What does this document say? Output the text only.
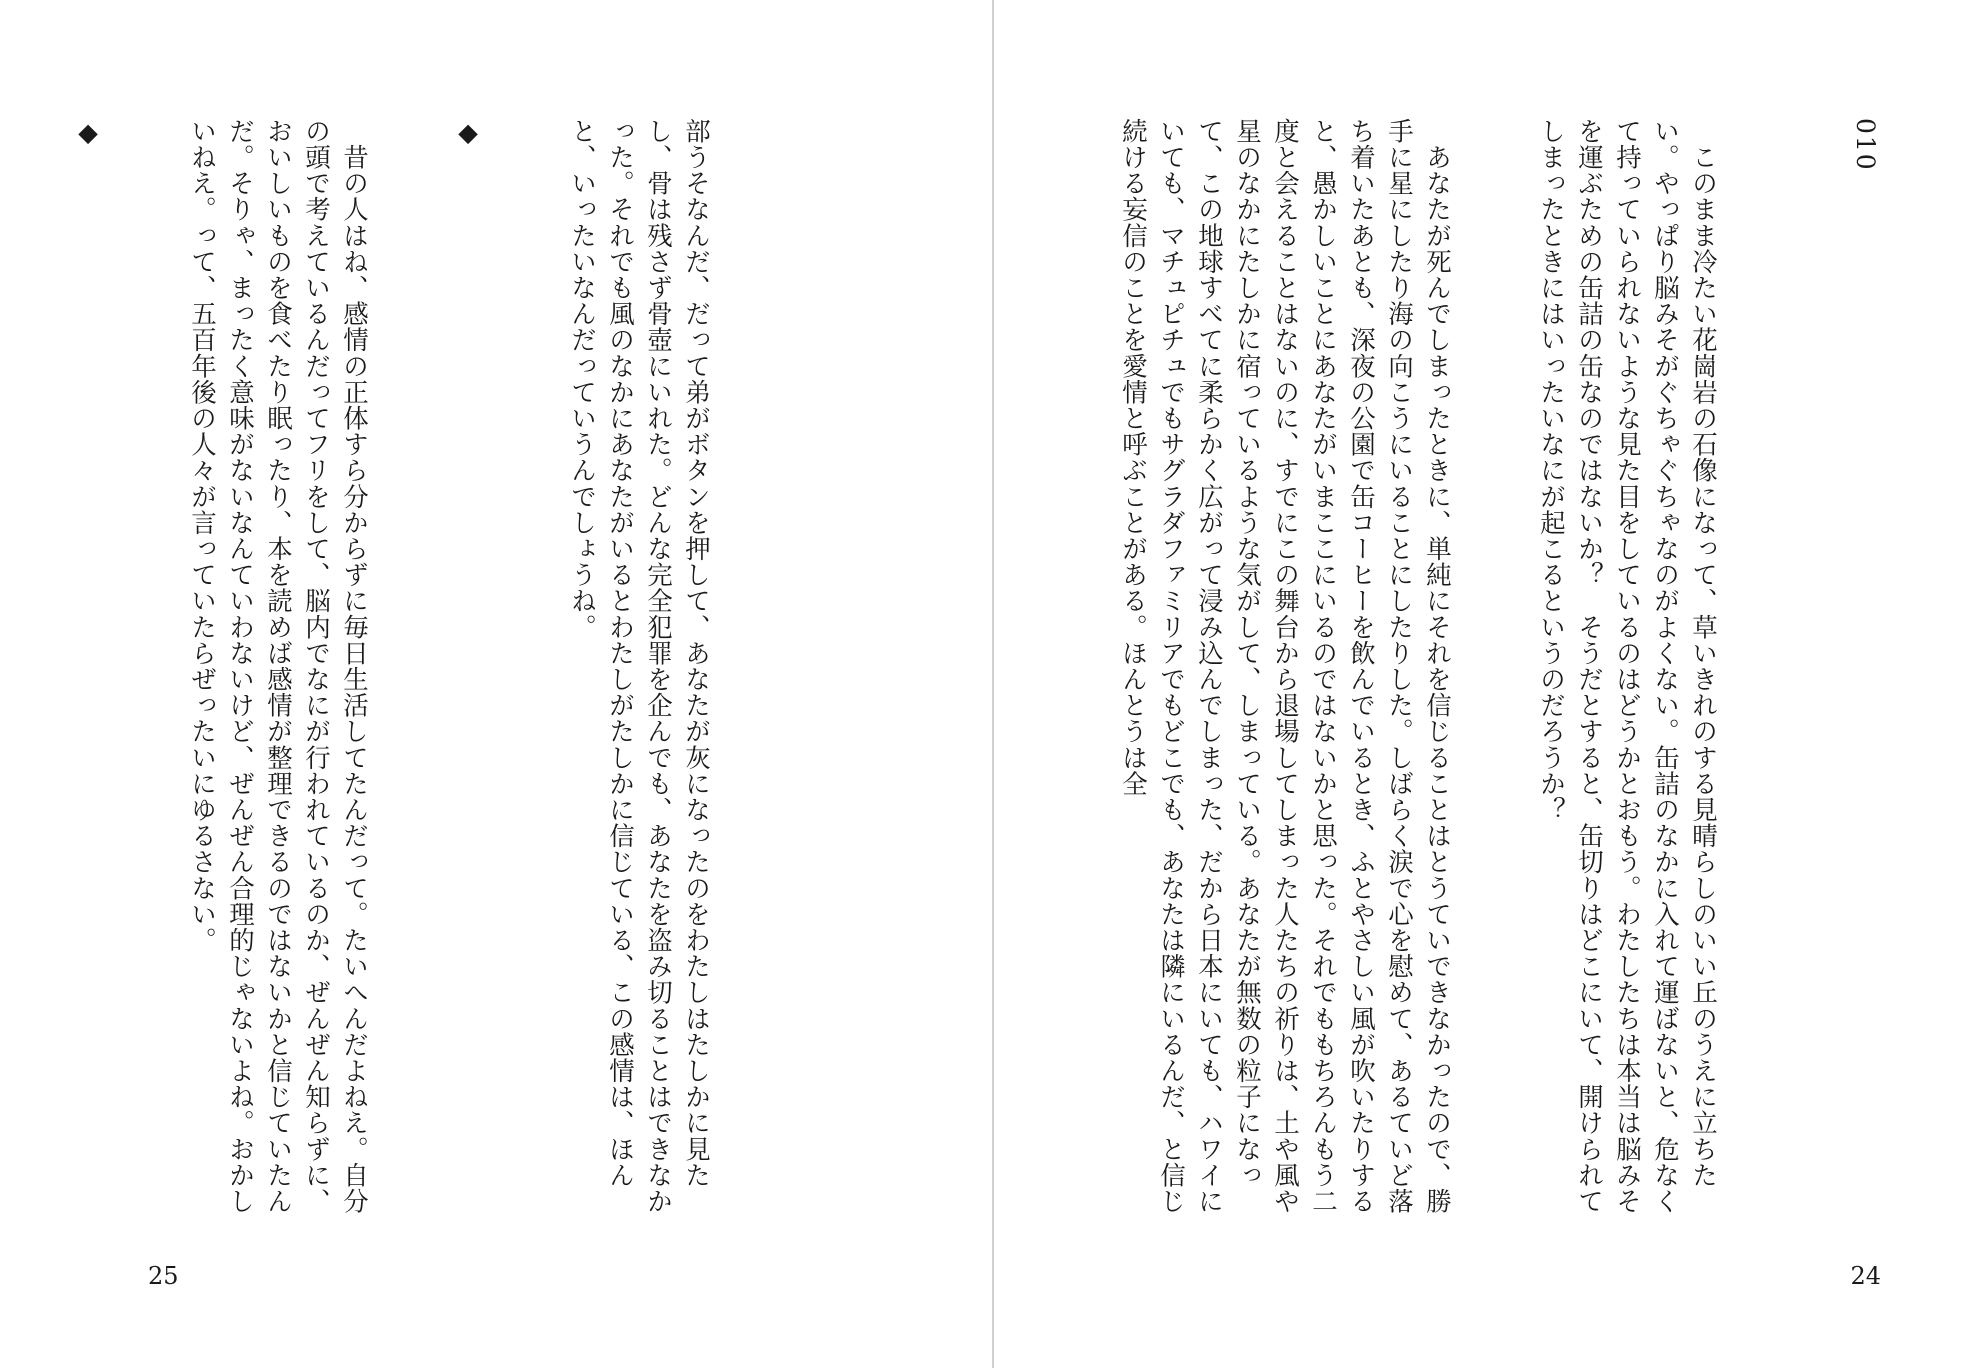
部うそなんだ、だって弟がボタンを押して、あなたが灰になったのをわたしはたしかに見たし、骨は残さず骨壺にいれた。どんな完全犯罪を企んでも、あなたを盗み切ることはできなかった。それでも風のなかにあなたがいるとわたしがたしかに信じている、この感情は、ほんと、いったいなんだっていうんでしょうね。

◆

　昔の人はね、感情の正体すら分からずに毎日生活してたんだって。たいへんだよねえ。自分の頭で考えているんだってフリをして、脳内でなにが行われているのか、ぜんぜん知らずに、おいしいものを食べたり眠ったり、本を読めば感情が整理できるのではないかと信じていたんだ。そりゃ、まったく意味がないなんていわないけど、ぜんぜん合理的じゃないよね。おかしいねえ。って、五百年後の人々が言っていたらぜったいにゆるさない。

◆

25
010

　このまま冷たい花崗岩の石像になって、草いきれのする見晴らしのいい丘のうえに立ちたい。やっぱり脳みそがぐちゃぐちゃなのがよくない。缶詰のなかに入れて運ばないと、危なくて持っていられないような見た目をしているのはどうかとおもう。わたしたちは本当は脳みそを運ぶための缶詰の缶なのではないか？　そうだとすると、缶切りはどこにいて、開けられてしまったときにはいったいなにが起こるというのだろうか？

　あなたが死んでしまったときに、単純にそれを信じることはとうていできなかったので、勝手に星にしたり海の向こうにいることにしたりした。しばらく涙で心を慰めて、あるていど落ち着いたあとも、深夜の公園で缶コーヒーを飲んでいるとき、ふとやさしい風が吹いたりすると、愚かしいことにあなたがいまここにいるのではないかと思った。それでももちろんもう二度と会えることはないのに、すでにこの舞台から退場してしまった人たちの祈りは、土や風や星のなかにたしかに宿っているような気がして、しまっている。あなたが無数の粒子になって、この地球すべてに柔らかく広がって浸み込んでしまった、だから日本にいても、ハワイにいても、マチュピチュでもサグラダファミリアでもどこでも、あなたは隣にいるんだ、と信じ続ける妄信のことを愛情と呼ぶことがある。ほんとうは全

24
